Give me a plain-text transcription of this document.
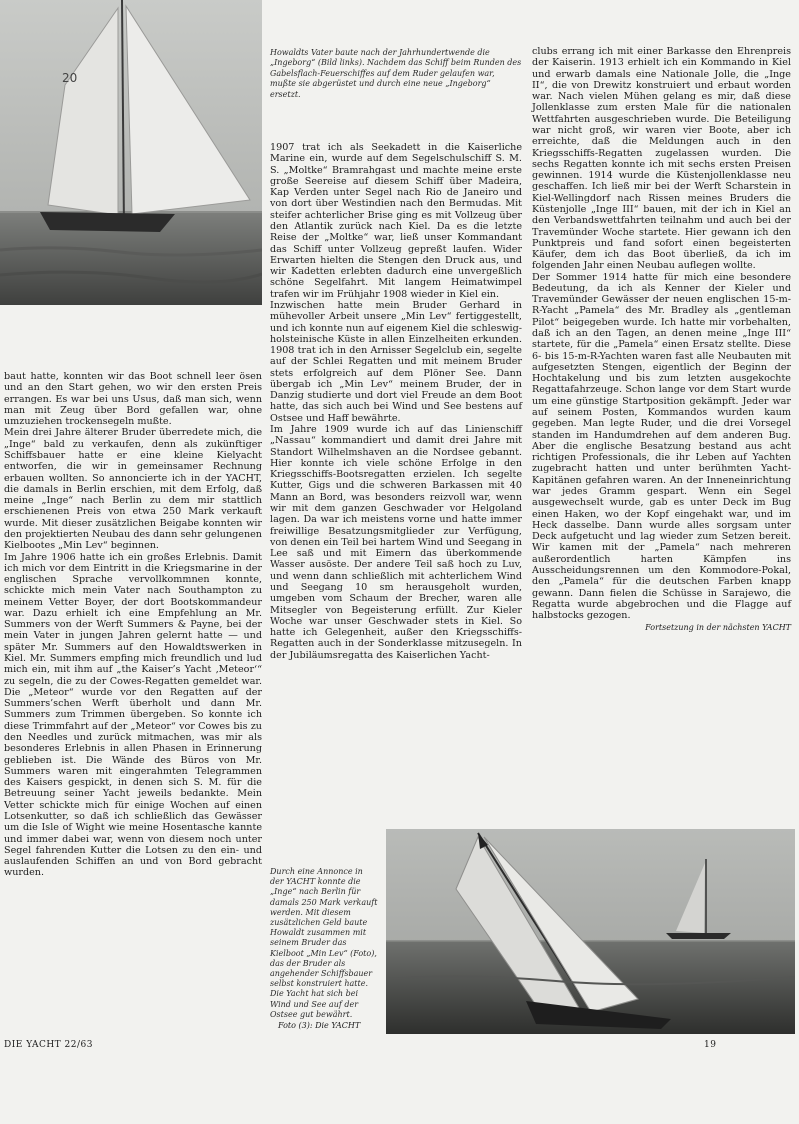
20

Howaldts Vater baute nach der Jahrhundertwende die „Ingeborg“ (Bild links). Nachdem das Schiff beim Runden des Gabelsflach-Feuerschiffes auf dem Ruder gelaufen war, mußte sie abgerüstet und durch eine neue „Ingeborg“ ersetzt.

baut hatte, konnten wir das Boot schnell leer ösen und an den Start gehen, wo wir den ersten Preis errangen. Es war bei uns Usus, daß man sich, wenn man mit Zeug über Bord gefallen war, ohne umzuziehen trockensegeln mußte.
Mein drei Jahre älterer Bruder überredete mich, die „Inge“ bald zu verkaufen, denn als zukünftiger Schiffsbauer hatte er eine kleine Kielyacht entworfen, die wir in gemeinsamer Rechnung erbauen wollten. So annoncierte ich in der YACHT, die damals in Berlin erschien, mit dem Erfolg, daß meine „Inge“ nach Berlin zu dem mir stattlich erschienenen Preis von etwa 250 Mark verkauft wurde. Mit dieser zusätzlichen Beigabe konnten wir den projektierten Neubau des dann sehr gelungenen Kielbootes „Min Lev“ beginnen.
Im Jahre 1906 hatte ich ein großes Erlebnis. Damit ich mich vor dem Eintritt in die Kriegsmarine in der englischen Sprache vervollkommnen konnte, schickte mich mein Vater nach Southampton zu meinem Vetter Boyer, der dort Bootskommandeur war. Dazu erhielt ich eine Empfehlung an Mr. Summers von der Werft Summers & Payne, bei der mein Vater in jungen Jahren gelernt hatte — und später Mr. Summers auf den Howaldtswerken in Kiel. Mr. Summers empfing mich freundlich und lud mich ein, mit ihm auf „the Kaiser’s Yacht ‚Meteor‘“ zu segeln, die zu der Cowes-Regatten gemeldet war. Die „Meteor“ wurde vor den Regatten auf der Summers’schen Werft überholt und dann Mr. Summers zum Trimmen übergeben. So konnte ich diese Trimmfahrt auf der „Meteor“ vor Cowes bis zu den Needles und zurück mitmachen, was mir als besonderes Erlebnis in allen Phasen in Erinnerung geblieben ist. Die Wände des Büros von Mr. Summers waren mit eingerahmten Telegrammen des Kaisers gespickt, in denen sich S. M. für die Betreuung seiner Yacht jeweils bedankte. Mein Vetter schickte mich für einige Wochen auf einen Lotsenkutter, so daß ich schließlich das Gewässer um die Isle of Wight wie meine Hosentasche kannte und immer dabei war, wenn von diesem noch unter Segel fahrenden Kutter die Lotsen zu den ein- und auslaufenden Schiffen an und von Bord gebracht wurden.

1907 trat ich als Seekadett in die Kaiserliche Marine ein, wurde auf dem Segelschulschiff S. M. S. „Moltke“ Bramrahgast und machte meine erste große Seereise auf diesem Schiff über Madeira, Kap Verden unter Segel nach Rio de Janeiro und von dort über Westindien nach den Bermudas. Mit steifer achterlicher Brise ging es mit Vollzeug über den Atlantik zurück nach Kiel. Da es die letzte Reise der „Moltke“ war, ließ unser Kommandant das Schiff unter Vollzeug gepreßt laufen. Wider Erwarten hielten die Stengen den Druck aus, und wir Kadetten erlebten dadurch eine unvergeßlich schöne Segelfahrt. Mit langem Heimatwimpel trafen wir im Frühjahr 1908 wieder in Kiel ein.
Inzwischen hatte mein Bruder Gerhard in mühevoller Arbeit unsere „Min Lev“ fertiggestellt, und ich konnte nun auf eigenem Kiel die schleswig-holsteinische Küste in allen Einzelheiten erkunden. 1908 trat ich in den Arnisser Segelclub ein, segelte auf der Schlei Regatten und mit meinem Bruder stets erfolgreich auf dem Plöner See. Dann übergab ich „Min Lev“ meinem Bruder, der in Danzig studierte und dort viel Freude an dem Boot hatte, das sich auch bei Wind und See bestens auf Ostsee und Haff bewährte.
Im Jahre 1909 wurde ich auf das Linienschiff „Nassau“ kommandiert und damit drei Jahre mit Standort Wilhelmshaven an die Nordsee gebannt. Hier konnte ich viele schöne Erfolge in den Kriegsschiffs-Bootsregatten erzielen. Ich segelte Kutter, Gigs und die schweren Barkassen mit 40 Mann an Bord, was besonders reizvoll war, wenn wir mit dem ganzen Geschwader vor Helgoland lagen. Da war ich meistens vorne und hatte immer freiwillige Besatzungsmitglieder zur Verfügung, von denen ein Teil bei hartem Wind und Seegang in Lee saß und mit Eimern das überkommende Wasser ausöste. Der andere Teil saß hoch zu Luv, und wenn dann schließlich mit achterlichem Wind und Seegang 10 sm herausgeholt wurden, umgeben vom Schaum der Brecher, waren alle Mitsegler von Begeisterung erfüllt. Zur Kieler Woche war unser Geschwader stets in Kiel. So hatte ich Gelegenheit, außer den Kriegsschiffs-Regatten auch in der Sonderklasse mitzusegeln. In der Jubiläumsregatta des Kaiserlichen Yacht-

clubs errang ich mit einer Barkasse den Ehrenpreis der Kaiserin. 1913 erhielt ich ein Kommando in Kiel und erwarb damals eine Nationale Jolle, die „Inge II“, die von Drewitz konstruiert und erbaut worden war. Nach vielen Mühen gelang es mir, daß diese Jollenklasse zum ersten Male für die nationalen Wettfahrten ausgeschrieben wurde. Die Beteiligung war nicht groß, wir waren vier Boote, aber ich erreichte, daß die Meldungen auch in den Kriegsschiffs-Regatten zugelassen wurden. Die sechs Regatten konnte ich mit sechs ersten Preisen gewinnen. 1914 wurde die Küstenjollenklasse neu geschaffen. Ich ließ mir bei der Werft Scharstein in Kiel-Wellingdorf nach Rissen meines Bruders die Küstenjolle „Inge III“ bauen, mit der ich in Kiel an den Verbandswettfahrten teilnahm und auch bei der Travemünder Woche startete. Hier gewann ich den Punktpreis und fand sofort einen begeisterten Käufer, dem ich das Boot überließ, da ich im folgenden Jahr einen Neubau auflegen wollte.
Der Sommer 1914 hatte für mich eine besondere Bedeutung, da ich als Kenner der Kieler und Travemünder Gewässer der neuen englischen 15-m-R-Yacht „Pamela“ des Mr. Bradley als „gentleman Pilot“ beigegeben wurde. Ich hatte mir vorbehalten, daß ich an den Tagen, an denen meine „Inge III“ startete, für die „Pamela“ einen Ersatz stellte. Diese 6- bis 15-m-R-Yachten waren fast alle Neubauten mit aufgesetzten Stengen, eigentlich der Beginn der Hochtakelung und bis zum letzten ausgekochte Regattafahrzeuge. Schon lange vor dem Start wurde um eine günstige Startposition gekämpft. Jeder war auf seinem Posten, Kommandos wurden kaum gegeben. Man legte Ruder, und die drei Vorsegel standen im Handumdrehen auf dem anderen Bug. Aber die englische Besatzung bestand aus acht richtigen Professionals, die ihr Leben auf Yachten zugebracht hatten und unter berühmten Yacht-Kapitänen gefahren waren. An der Inneneinrichtung war jedes Gramm gespart. Wenn ein Segel ausgewechselt wurde, gab es unter Deck im Bug einen Haken, wo der Kopf eingehakt war, und im Heck dasselbe. Dann wurde alles sorgsam unter Deck aufgetucht und lag wieder zum Setzen bereit. Wir kamen mit der „Pamela“ nach mehreren außerordentlich harten Kämpfen ins Ausscheidungsrennen um den Kommodore-Pokal, den „Pamela“ für die deutschen Farben knapp gewann. Dann fielen die Schüsse in Sarajewo, die Regatta wurde abgebrochen und die Flagge auf halbstocks gezogen.

Fortsetzung in der nächsten YACHT

Durch eine Annonce in der YACHT konnte die „Inge“ nach Berlin für damals 250 Mark verkauft werden. Mit diesem zusätzlichen Geld baute Howaldt zusammen mit seinem Bruder das Kielboot „Min Lev“ (Foto), das der Bruder als angehender Schiffsbauer selbst konstruiert hatte. Die Yacht hat sich bei Wind und See auf der Ostsee gut bewährt.

Foto (3): Die YACHT
DIE YACHT 22/63	19
